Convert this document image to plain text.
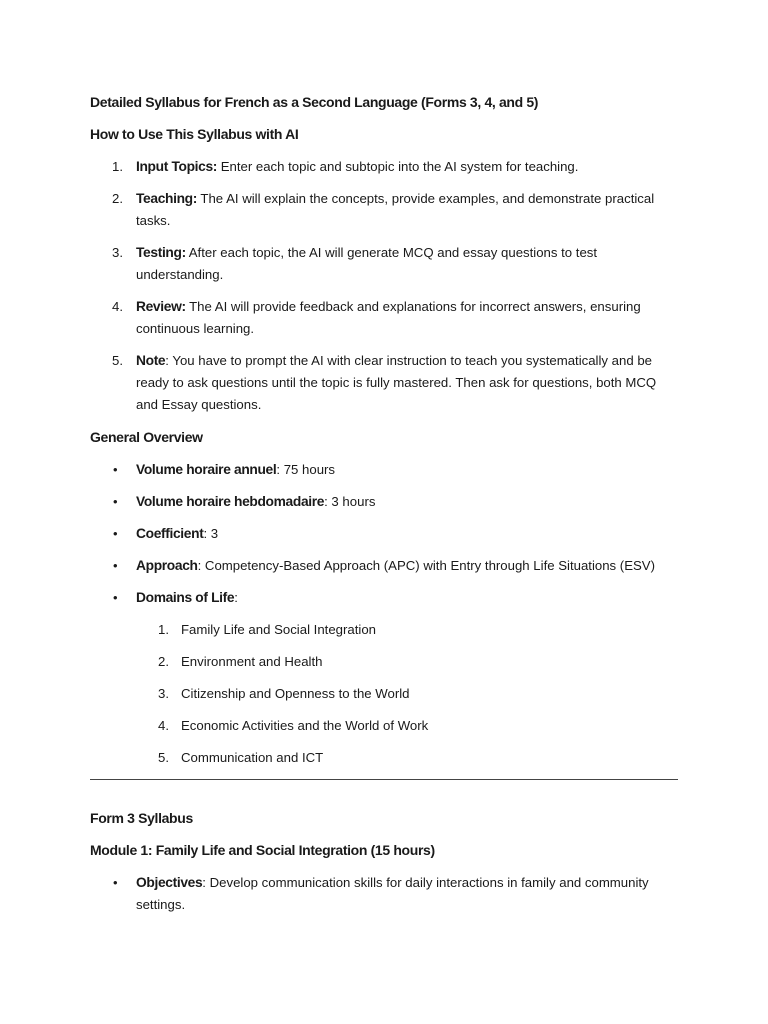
Detailed Syllabus for French as a Second Language (Forms 3, 4, and 5)
How to Use This Syllabus with AI
1. Input Topics: Enter each topic and subtopic into the AI system for teaching.
2. Teaching: The AI will explain the concepts, provide examples, and demonstrate practical tasks.
3. Testing: After each topic, the AI will generate MCQ and essay questions to test understanding.
4. Review: The AI will provide feedback and explanations for incorrect answers, ensuring continuous learning.
5. Note: You have to prompt the AI with clear instruction to teach you systematically and be ready to ask questions until the topic is fully mastered. Then ask for questions, both MCQ and Essay questions.
General Overview
• Volume horaire annuel: 75 hours
• Volume horaire hebdomadaire: 3 hours
• Coefficient: 3
• Approach: Competency-Based Approach (APC) with Entry through Life Situations (ESV)
• Domains of Life:
1. Family Life and Social Integration
2. Environment and Health
3. Citizenship and Openness to the World
4. Economic Activities and the World of Work
5. Communication and ICT
Form 3 Syllabus
Module 1: Family Life and Social Integration (15 hours)
• Objectives: Develop communication skills for daily interactions in family and community settings.
